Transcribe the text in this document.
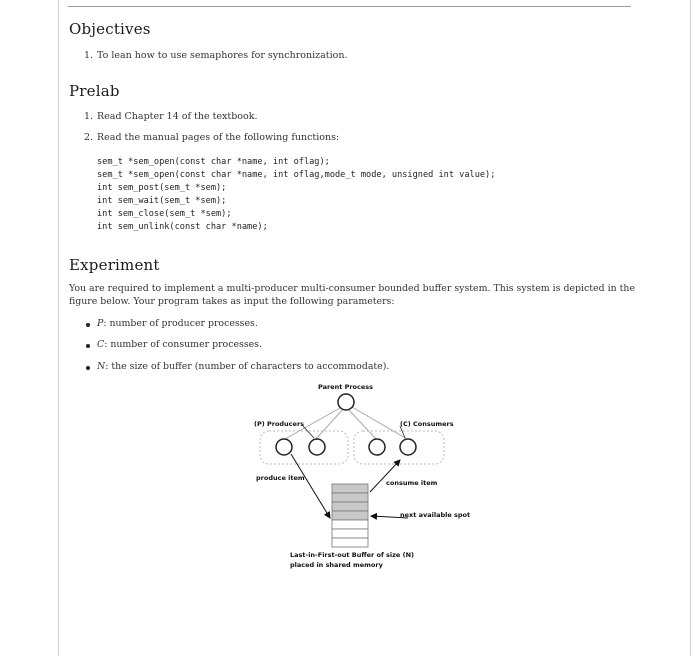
Objectives
1. To lean how to use semaphores for synchronization.
Prelab
1. Read Chapter 14 of the textbook.
2. Read the manual pages of the following functions:
sem_t *sem_open(const char *name, int oflag);
sem_t *sem_open(const char *name, int oflag,mode_t mode, unsigned int value);
int sem_post(sem_t *sem);
int sem_wait(sem_t *sem);
int sem_close(sem_t *sem);
int sem_unlink(const char *name);
Experiment

You are required to implement a multi-producer multi-consumer bounded buffer system. This system is depicted in the figure below. Your program takes as input the following parameters:

P: number of producer processes.
C: number of consumer processes.
N: the size of buffer (number of characters to accommodate).
Parent Process
(P) Producers	(C) Consumers
produce item
consume item
next available spot
Last-in-First-out Buffer of size (N)
placed in shared memory
